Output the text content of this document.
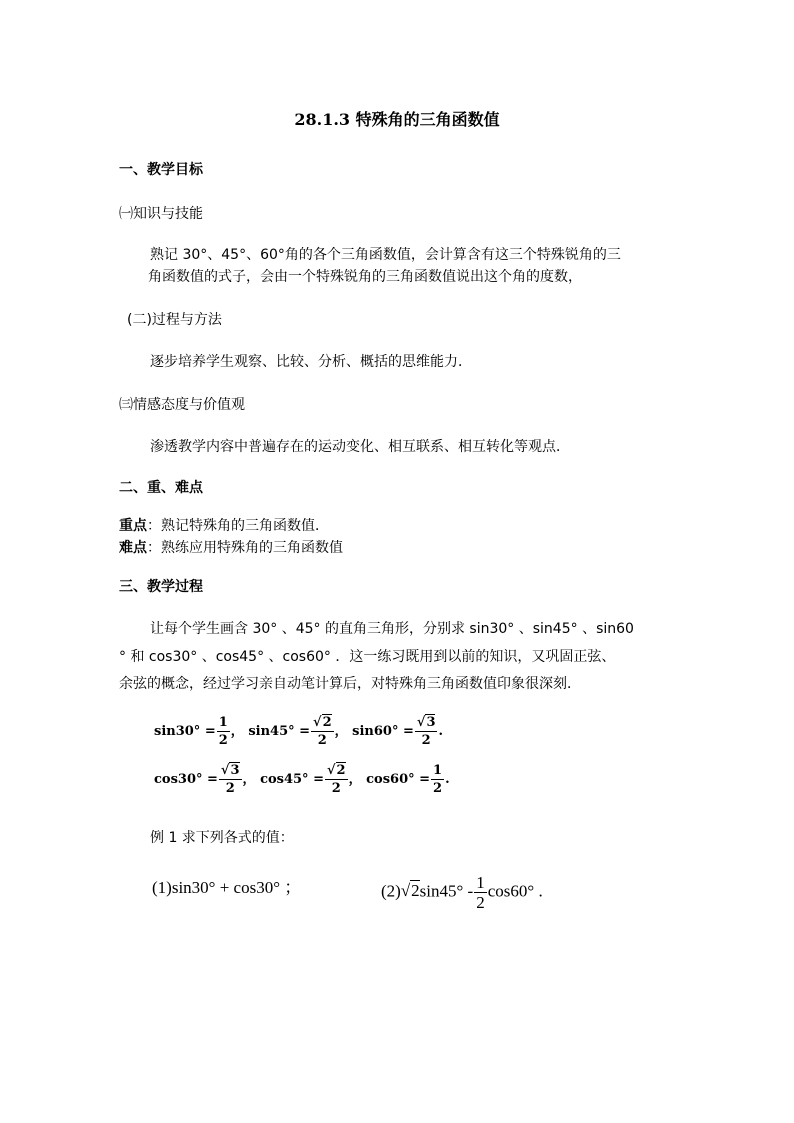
28.1.3 特殊角的三角函数值
一、教学目标
㈠知识与技能
熟记 30°、45°、60°角的各个三角函数值，会计算含有这三个特殊锐角的三
角函数值的式子，会由一个特殊锐角的三角函数值说出这个角的度数，
(二)过程与方法
逐步培养学生观察、比较、分析、概括的思维能力．
㈢情感态度与价值观
渗透教学内容中普遍存在的运动变化、相互联系、相互转化等观点．
二、重、难点
重点：熟记特殊角的三角函数值．
难点：熟练应用特殊角的三角函数值
三、教学过程
让每个学生画含 30° 、45° 的直角三角形，分别求 sin30° 、sin45° 、sin60
° 和 cos30° 、cos45° 、cos60° ．这一练习既用到以前的知识，又巩固正弦、
余弦的概念，经过学习亲自动笔计算后，对特殊角三角函数值印象很深刻．
$\sin 30^\circ = \frac{1}{2}$ ， $\sin 45^\circ = \frac{√2}{2}$ ， $\sin 60^\circ = \frac{√3}{2}$ .
$\cos 30^\circ = \frac{√3}{2}$ ， $\cos 45^\circ = \frac{√2}{2}$ ， $\cos 60^\circ = \frac{1}{2}$ .
例 1 求下列各式的值：
(1)sin30° + cos30° ；	$(2)√2\sin 45^\circ - \frac{1}{2} \cos 60^\circ$ .
